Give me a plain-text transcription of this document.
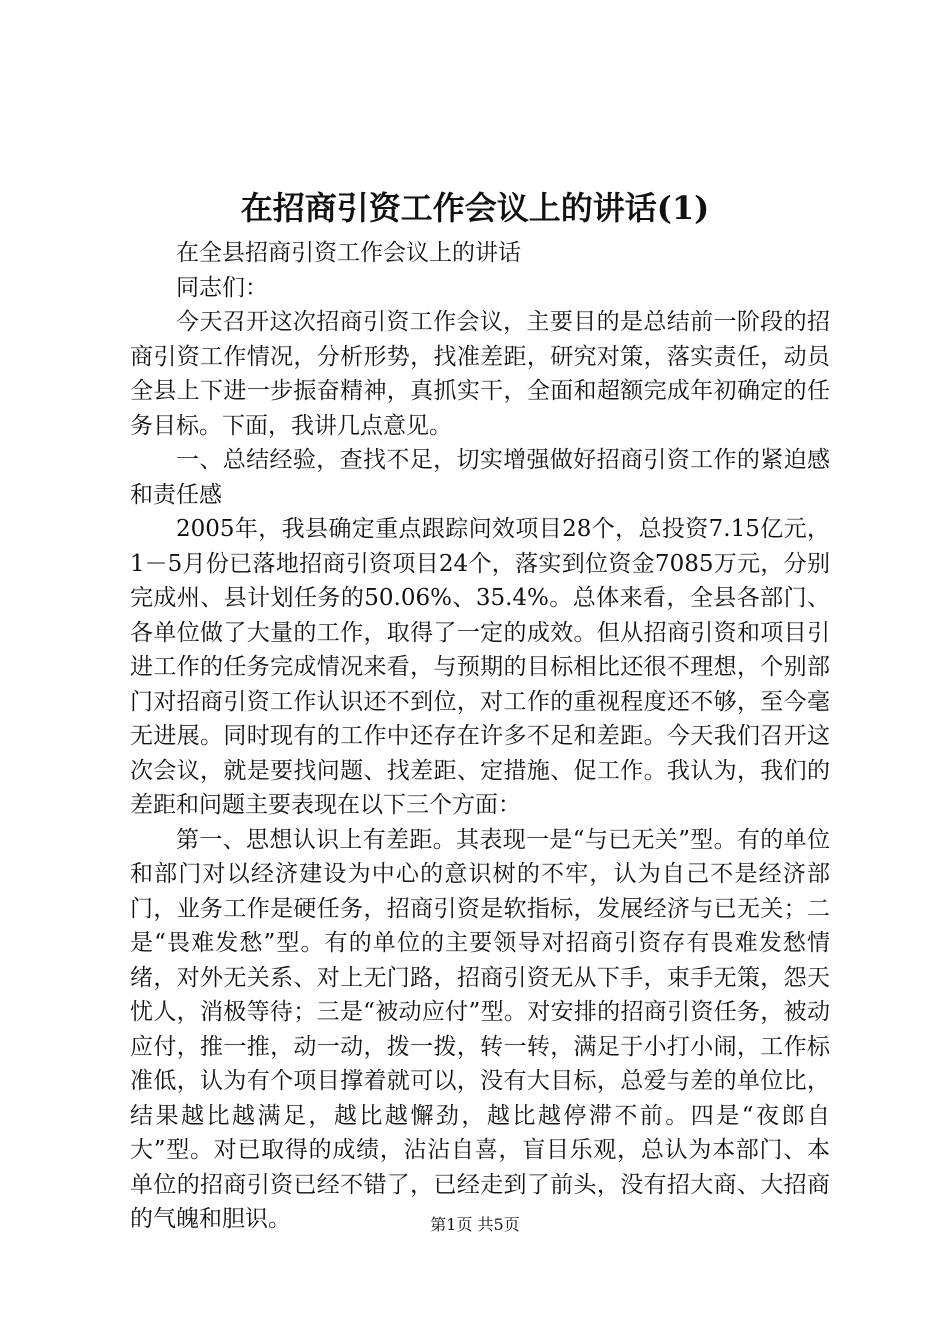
在招商引资工作会议上的讲话(1)

在全县招商引资工作会议上的讲话

同志们：

今天召开这次招商引资工作会议，主要目的是总结前一阶段的招商引资工作情况，分析形势，找准差距，研究对策，落实责任，动员全县上下进一步振奋精神，真抓实干，全面和超额完成年初确定的任务目标。下面，我讲几点意见。

一、总结经验，查找不足，切实增强做好招商引资工作的紧迫感和责任感

2005年，我县确定重点跟踪问效项目28个，总投资7.15亿元，1－5月份已落地招商引资项目24个，落实到位资金7085万元，分别完成州、县计划任务的50.06%、35.4%。总体来看，全县各部门、各单位做了大量的工作，取得了一定的成效。但从招商引资和项目引进工作的任务完成情况来看，与预期的目标相比还很不理想，个别部门对招商引资工作认识还不到位，对工作的重视程度还不够，至今毫无进展。同时现有的工作中还存在许多不足和差距。今天我们召开这次会议，就是要找问题、找差距、定措施、促工作。我认为，我们的差距和问题主要表现在以下三个方面：

第一、思想认识上有差距。其表现一是“与已无关”型。有的单位和部门对以经济建设为中心的意识树的不牢，认为自己不是经济部门，业务工作是硬任务，招商引资是软指标，发展经济与已无关；二是“畏难发愁”型。有的单位的主要领导对招商引资存有畏难发愁情绪，对外无关系、对上无门路，招商引资无从下手，束手无策，怨天忧人，消极等待；三是“被动应付”型。对安排的招商引资任务，被动应付，推一推，动一动，拨一拨，转一转，满足于小打小闹，工作标准低，认为有个项目撑着就可以，没有大目标，总爱与差的单位比，结果越比越满足，越比越懈劲，越比越停滞不前。四是“夜郎自大”型。对已取得的成绩，沾沾自喜，盲目乐观，总认为本部门、本单位的招商引资已经不错了，已经走到了前头，没有招大商、大招商的气魄和胆识。	第1页 共5页
